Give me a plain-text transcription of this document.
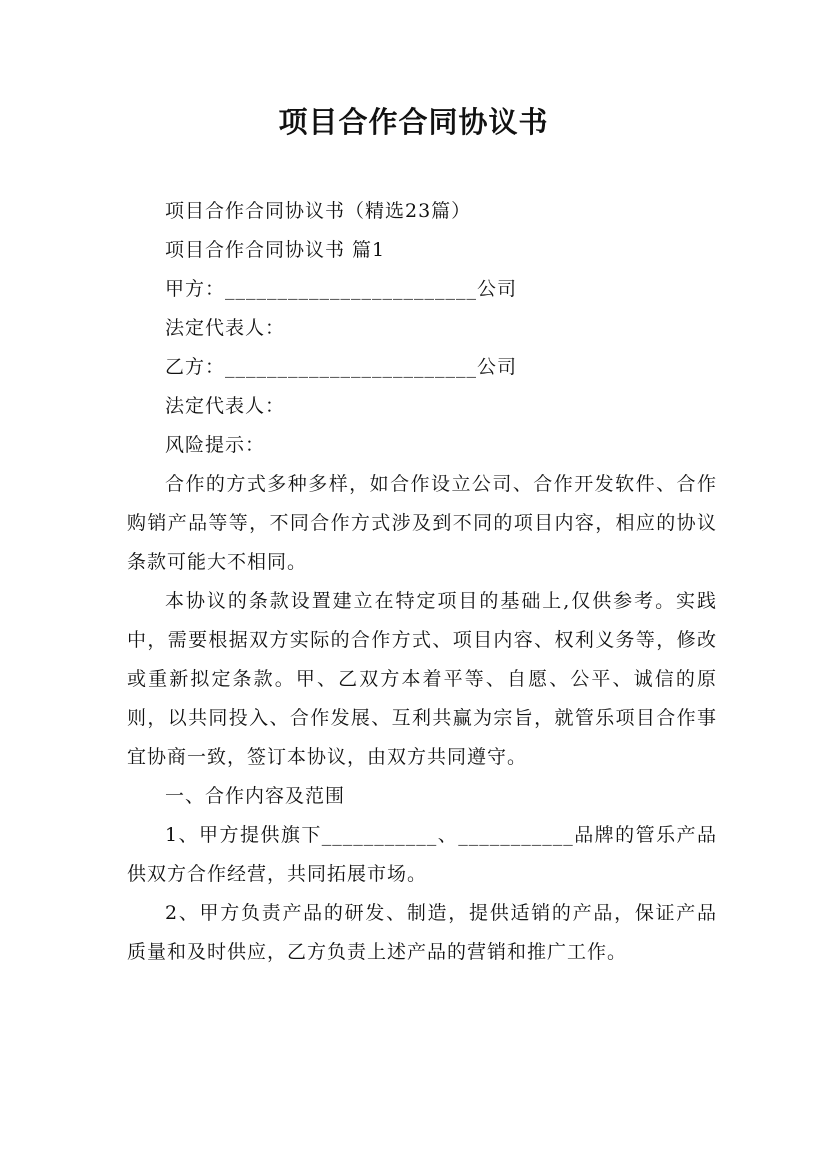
项目合作合同协议书

项目合作合同协议书（精选23篇）

项目合作合同协议书 篇1

甲方：________________________公司

法定代表人：

乙方：________________________公司

法定代表人：

风险提示：

合作的方式多种多样，如合作设立公司、合作开发软件、合作购销产品等等，不同合作方式涉及到不同的项目内容，相应的协议条款可能大不相同。

本协议的条款设置建立在特定项目的基础上,仅供参考。实践中，需要根据双方实际的合作方式、项目内容、权利义务等，修改或重新拟定条款。甲、乙双方本着平等、自愿、公平、诚信的原则，以共同投入、合作发展、互利共赢为宗旨，就管乐项目合作事宜协商一致，签订本协议，由双方共同遵守。

一、合作内容及范围

1、甲方提供旗下___________、___________品牌的管乐产品供双方合作经营，共同拓展市场。

2、甲方负责产品的研发、制造，提供适销的产品，保证产品质量和及时供应，乙方负责上述产品的营销和推广工作。
